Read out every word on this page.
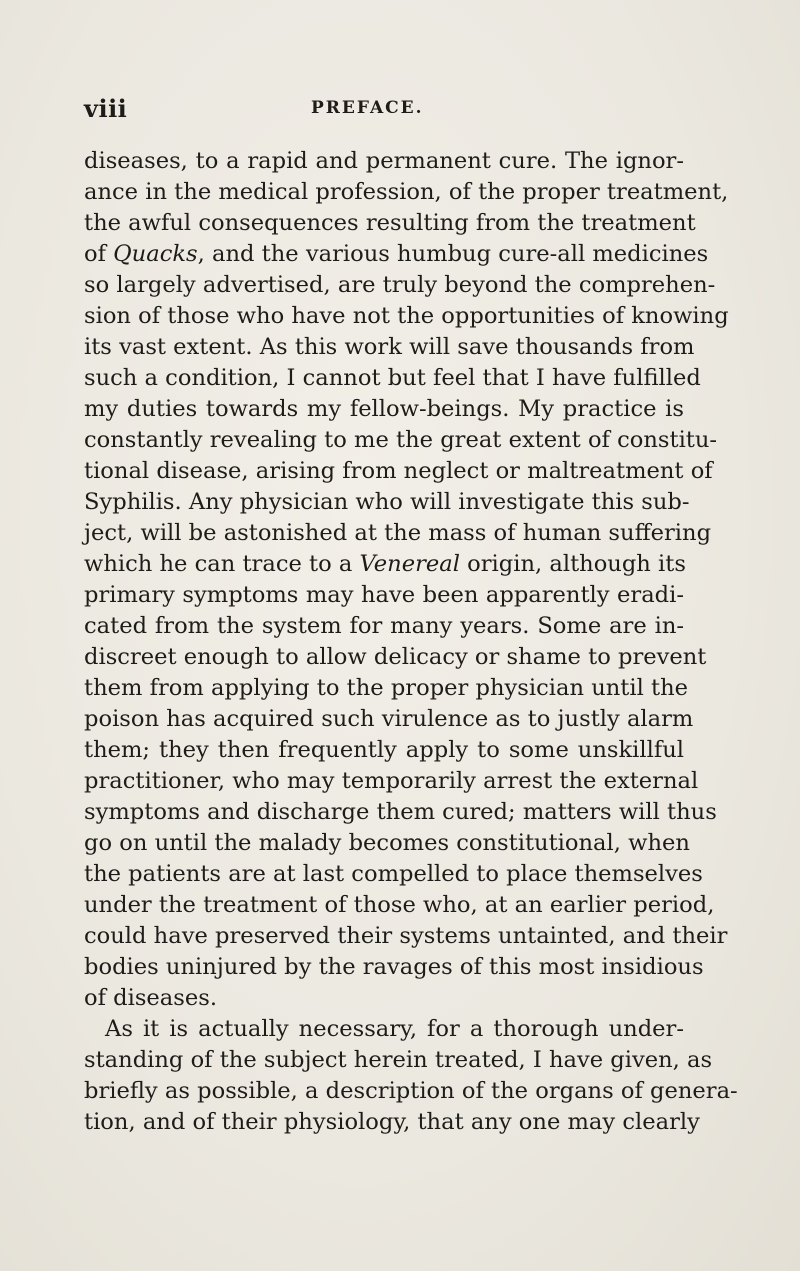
viii	PREFACE.
diseases, to a rapid and permanent cure. The ignor-
ance in the medical profession, of the proper treatment,
the awful consequences resulting from the treatment
of Quacks, and the various humbug cure-all medicines
so largely advertised, are truly beyond the comprehen-
sion of those who have not the opportunities of knowing
its vast extent. As this work will save thousands from
such a condition, I cannot but feel that I have fulfilled
my duties towards my fellow-beings. My practice is
constantly revealing to me the great extent of constitu-
tional disease, arising from neglect or maltreatment of
Syphilis. Any physician who will investigate this sub-
ject, will be astonished at the mass of human suffering
which he can trace to a Venereal origin, although its
primary symptoms may have been apparently eradi-
cated from the system for many years. Some are in-
discreet enough to allow delicacy or shame to prevent
them from applying to the proper physician until the
poison has acquired such virulence as to justly alarm
them; they then frequently apply to some unskillful
practitioner, who may temporarily arrest the external
symptoms and discharge them cured; matters will thus
go on until the malady becomes constitutional, when
the patients are at last compelled to place themselves
under the treatment of those who, at an earlier period,
could have preserved their systems untainted, and their
bodies uninjured by the ravages of this most insidious
of diseases.
As it is actually necessary, for a thorough under-
standing of the subject herein treated, I have given, as
briefly as possible, a description of the organs of genera-
tion, and of their physiology, that any one may clearly
